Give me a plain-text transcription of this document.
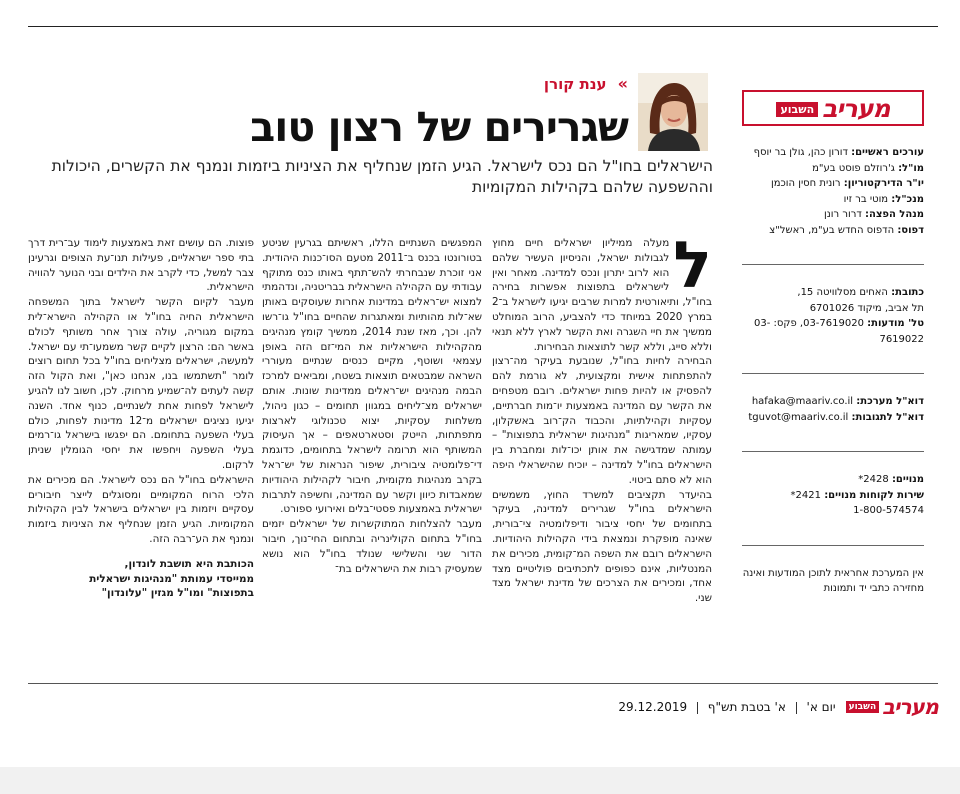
מעריב
השבוע

עורכים ראשיים: דורון כהן, גולן בר יוסף

מו"ל: ג'רוזלם פוסט בע"מ

יו"ר הדירקטוריון: רונית חסין הוכמן

מנכ"ל: מוטי בר זיו

מנהל הפצה: דרור רונן

דפוס: הדפוס החדש בע"מ, ראשל"צ

כתובת: האחים מסלוויטה 15,

תל אביב, מיקוד 6701026

טל' מודעות: 03-7619020, פקס: 03-7619022

דוא"ל מערכת: hafaka@maariv.co.il

דוא"ל לתגובות: tguvot@maariv.co.il

מנויים: *2428

שירות לקוחות מנויים: *2421

1-800-574574

אין המערכת אחראית לתוכן המודעות ואינה מחזירה כתבי יד ותמונות

» ענת קורן
שגרירים של רצון טוב
הישראלים בחו"ל הם נכס לישראל. הגיע הזמן שנחליף את הציניות ביזמות ונמנף את הקשרים, היכולות וההשפעה שלהם בקהילות המקומיות
ל

מעלה ממיליון ישראלים חיים מחוץ לגבולות ישראל, והניסיון העשיר שלהם הוא לרוב יתרון ונכס למדינה. מאחר ואין לישראלים בתפוצות אפשרות בחירה בחו"ל, ותיאורטית למרות שרבים יגיעו לישראל ב־2 במרץ 2020 במיוחד כדי להצביע, הרוב המוחלט ממשיך את חיי השגרה ואת הקשר לארץ ללא תנאי וללא סייג, וללא קשר לתוצאות הבחירות.

הבחירה לחיות בחו"ל, שנובעת בעיקר מה־רצון להתפתחות אישית ומקצועית, לא גורמת להם להפסיק או להיות פחות ישראלים. רובם מטפחים את הקשר עם המדינה באמצעות יו־מות חברתיים, עסקיות וקהילתיות, והכבוד הק־רוב באשקלון, עסקיו, שמאריגות "מנהיגות ישראלית בתפוצות" – עמותה שמדגישה את אותן יכו־לות ומחברת בין הישראלים בחו"ל למדינה – יוכיח שהישראלי היפה הוא לא סתם ביטוי.

בהיעדר תקציבים למשרד החוץ, משמשים הישראלים בחו"ל שגרירים למדינה, בעיקר בתחומים של יחסי ציבור ודיפלומטיה צי־בורית, שאינה מופקרת ונמצאת בידי הקהילות היהודיות. הישראלים רובם את השפה המ־קומית, מכירים את המנטליות, אינם כפופים לתכתיבים פוליטיים מצד אחד, ומכירים את הצרכים של מדינת ישראל מצד שני.

המפגשים השנתיים הללו, ראשיתם בגרעין שניטע בטורונטו בכנס ב־2011 מטעם הסו־כנות היהודית. אני זוכרת שנבחרתי להש־תתף באותו כנס מתוקף עבודתי עם הקהילה הישראלית בבריטניה, ונדהמתי למצוא יש־ראלים במדינות אחרות שעוסקים באותן שא־לות מהותיות ומאתגרות שהחיים בחו"ל גו־רשו להן. וכך, מאז שנת 2014, ממשיך קומץ מנהיגים מהקהילות הישראליות את המי־זם הזה באופן עצמאי ושוטף, מקיים כנסים שנתיים מעוררי השראה שמבטאים תוצאות בשטח, ומביאים למרכז הבמה מנהיגים יש־ראלים ממדינות שונות. אותם ישראלים מצ־ליחים במגוון תחומים – כגון ניהול, משלחות עסקיות, יצוא טכנולוגי לארצות מתפתחות, הייטק וסטארטאפים – אך העיסוק המשותף הוא תרומה לישראל בתחומים, כדוגמת די־פלומטיה ציבורית, שיפור הנראות של יש־ראל בקרב מנהיגות מקומית, חיבור לקהילות היהודיות שמאבדות כיוון וקשר עם המדינה, וחשיפה לתרבות ישראלית באמצעות פסטי־בלים ואירועי ספורט.

מעבר להצלחות המתוקשרות של ישראלים יזמים בחו"ל בתחום הקולינריה ובתחום החי־נוך, חיבור הדור שני והשלישי שנולד בחו"ל הוא נושא שמעסיק רבות את הישראלים בת־

פוצות. הם עושים זאת באמצעות לימוד עב־רית דרך בתי ספר ישראליים, פעילות תנו־עת הצופים וגרעינן צבר למשל, כדי לקרב את הילדים ובני הנוער להוויה הישראלית.

מעבר לקיום הקשר לישראל בתוך המשפחה הישראלית החיה בחו"ל או הקהילה הישרא־לית במקום מגוריה, עולה צורך אחר משותף לכולם באשר הם: הרצון לקיים קשר משמעו־תי עם ישראל. למעשה, ישראלים מצליחים בחו"ל בכל תחום רוצים לומר "תשתמשו בנו, אנחנו כאן", ואת הקול הזה קשה לעתים לה־שמיע מרחוק. לכן, חשוב לנו להגיע לישראל לפחות אחת לשנתיים, כנוף אחד. השנה יגיעו נציגים ישראלים מ־12 מדינות לפחות, כולם בעלי השפעה בתחומם. הם יפגשו בישראל גו־רמים בעלי השפעה ויחפשו את יחסי הגומלין שניתן לרקום.

הישראלים בחו"ל הם נכס לישראל. הם מכירים את הלכי הרוח המקומיים ומסוגלים לייצר חיבורים עסקיים ויזמות בין ישראלים בישראל לבין הקהילות המקומיות. הגיע הזמן שנחליף את הציניות ביזמות ונמנף את הע־רבה הזה.

הכותבת היא תושבת לונדון,

ממייסדי עמותת "מנהיגות ישראלית

בתפוצות" ומו"ל מגזין "עלונדון"

מעריב
השבוע
יום א'  א' בטבת תש"ף  29.12.2019
